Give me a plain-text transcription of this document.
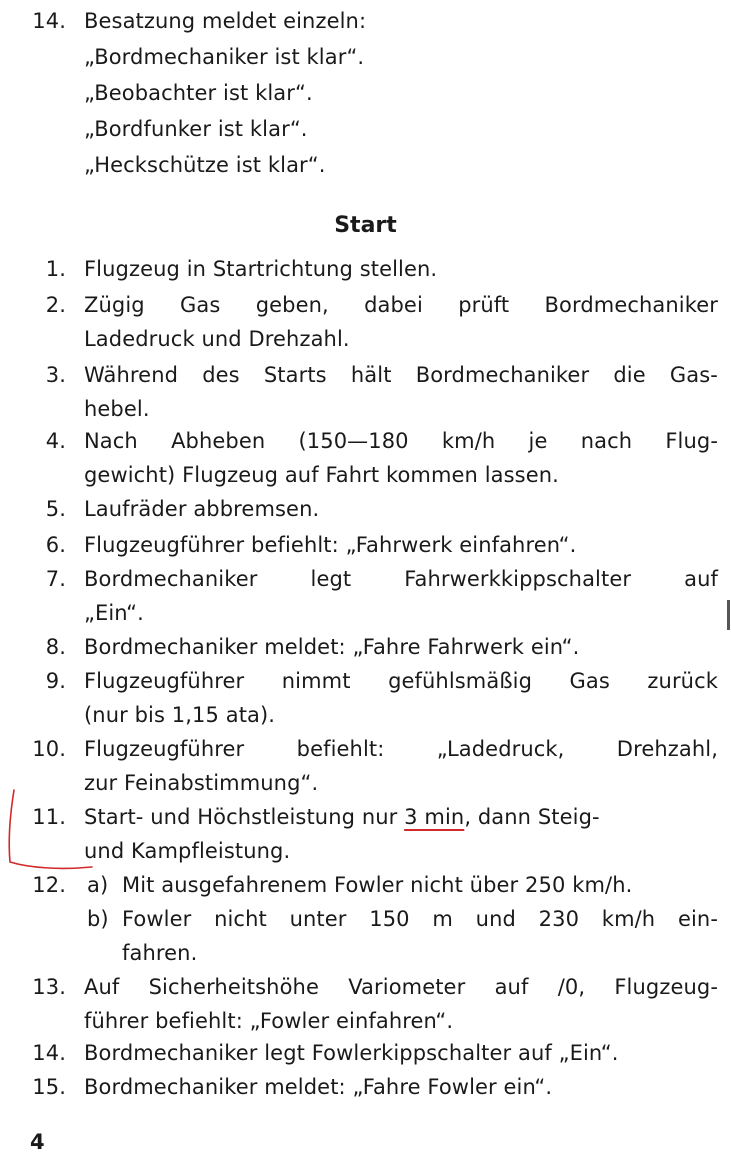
14. Besatzung meldet einzeln:
„Bordmechaniker ist klar“.
„Beobachter ist klar“.
„Bordfunker ist klar“.
„Heckschütze ist klar“.
Start
1. Flugzeug in Startrichtung stellen.
2. Zügig Gas geben, dabei prüft Bordmechaniker
Ladedruck und Drehzahl.
3. Während des Starts hält Bordmechaniker die Gas-
hebel.
4. Nach Abheben (150—180 km/h je nach Flug-
gewicht) Flugzeug auf Fahrt kommen lassen.
5. Laufräder abbremsen.
6. Flugzeugführer befiehlt: „Fahrwerk einfahren“.
7. Bordmechaniker legt Fahrwerkkippschalter auf
„Ein“.
8. Bordmechaniker meldet: „Fahre Fahrwerk ein“.
9. Flugzeugführer nimmt gefühlsmäßig Gas zurück
(nur bis 1,15 ata).
10. Flugzeugführer befiehlt: „Ladedruck, Drehzahl,
zur Feinabstimmung“.
11. Start- und Höchstleistung nur 3 min, dann Steig-
und Kampfleistung.
12. a) Mit ausgefahrenem Fowler nicht über 250 km/h.
b) Fowler nicht unter 150 m und 230 km/h ein-
fahren.
13. Auf Sicherheitshöhe Variometer auf /0, Flugzeug-
führer befiehlt: „Fowler einfahren“.
14. Bordmechaniker legt Fowlerkippschalter auf „Ein“.
15. Bordmechaniker meldet: „Fahre Fowler ein“.
4
